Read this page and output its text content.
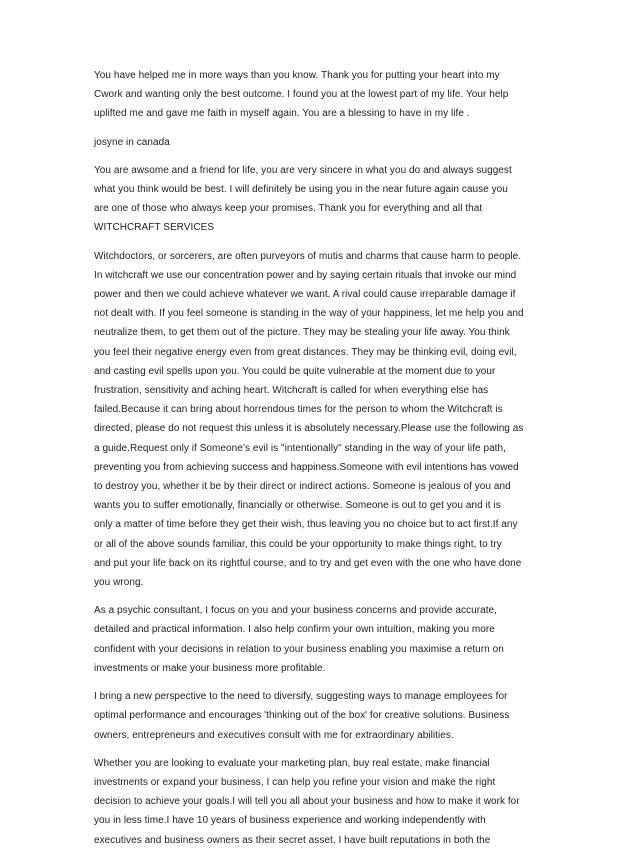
You have helped me in more ways than you know. Thank you for putting your heart into my
Cwork and wanting only the best outcome. I found you at the lowest part of my life. Your help
uplifted me and gave me faith in myself again. You are a blessing to have in my life .

josyne in canada

You are awsome and a friend for life, you are very sincere in what you do and always suggest
what you think would be best. I will definitely be using you in the near future again cause you
are one of those who always keep your promises. Thank you for everything and all that
WITCHCRAFT SERVICES

Witchdoctors, or sorcerers, are often purveyors of mutis and charms that cause harm to people.
In witchcraft we use our concentration power and by saying certain rituals that invoke our mind
power and then we could achieve whatever we want. A rival could cause irreparable damage if
not dealt with. If you feel someone is standing in the way of your happiness, let me help you and
neutralize them, to get them out of the picture. They may be stealing your life away. You think
you feel their negative energy even from great distances. They may be thinking evil, doing evil,
and casting evil spells upon you. You could be quite vulnerable at the moment due to your
frustration, sensitivity and aching heart. Witchcraft is called for when everything else has
failed.Because it can bring about horrendous times for the person to whom the Witchcraft is
directed, please do not request this unless it is absolutely necessary.Please use the following as
a guide.Request only if Someone’s evil is "intentionally" standing in the way of your life path,
preventing you from achieving success and happiness.Someone with evil intentions has vowed
to destroy you, whether it be by their direct or indirect actions. Someone is jealous of you and
wants you to suffer emotionally, financially or otherwise. Someone is out to get you and it is
only a matter of time before they get their wish, thus leaving you no choice but to act first.If any
or all of the above sounds familiar, this could be your opportunity to make things right, to try
and put your life back on its rightful course, and to try and get even with the one who have done
you wrong.

As a psychic consultant, I focus on you and your business concerns and provide accurate,
detailed and practical information. I also help confirm your own intuition, making you more
confident with your decisions in relation to your business enabling you maximise a return on
investments or make your business more profitable.

I bring a new perspective to the need to diversify, suggesting ways to manage employees for
optimal performance and encourages 'thinking out of the box' for creative solutions. Business
owners, entrepreneurs and executives consult with me for extraordinary abilities.

Whether you are looking to evaluate your marketing plan, buy real estate, make financial
investments or expand your business, I can help you refine your vision and make the right
decision to achieve your goals.I will tell you all about your business and how to make it work for
you in less time.I have 10 years of business experience and working independently with
executives and business owners as their secret asset. I have built reputations in both the
